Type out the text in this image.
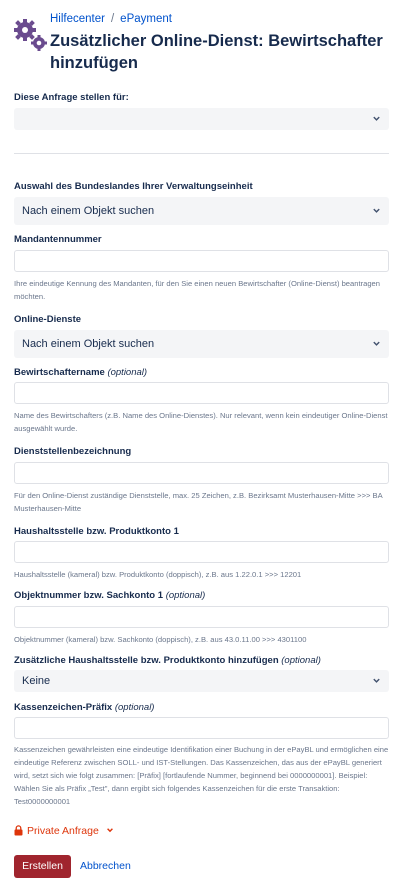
Hilfecenter / ePayment
Zusätzlicher Online-Dienst: Bewirtschafter hinzufügen
Diese Anfrage stellen für:
Auswahl des Bundeslandes Ihrer Verwaltungseinheit
Nach einem Objekt suchen
Mandantennummer
Ihre eindeutige Kennung des Mandanten, für den Sie einen neuen Bewirtschafter (Online-Dienst) beantragen möchten.
Online-Dienste
Nach einem Objekt suchen
Bewirtschaftername (optional)
Name des Bewirtschafters (z.B. Name des Online-Dienstes). Nur relevant, wenn kein eindeutiger Online-Dienst ausgewählt wurde.
Dienststellenbezeichnung
Für den Online-Dienst zuständige Dienststelle, max. 25 Zeichen, z.B. Bezirksamt Musterhausen-Mitte >>> BA Musterhausen-Mitte
Haushaltsstelle bzw. Produktkonto 1
Haushaltsstelle (kameral) bzw. Produktkonto (doppisch), z.B. aus 1.22.0.1 >>> 12201
Objektnummer bzw. Sachkonto 1 (optional)
Objektnummer (kameral) bzw. Sachkonto (doppisch), z.B. aus 43.0.11.00 >>> 4301100
Zusätzliche Haushaltsstelle bzw. Produktkonto hinzufügen (optional)
Keine
Kassenzeichen-Präfix (optional)
Kassenzeichen gewährleisten eine eindeutige Identifikation einer Buchung in der ePayBL und ermöglichen eine eindeutige Referenz zwischen SOLL- und IST-Stellungen. Das Kassenzeichen, das aus der ePayBL generiert wird, setzt sich wie folgt zusammen: [Präfix] [fortlaufende Nummer, beginnend bei 0000000001]. Beispiel: Wählen Sie als Präfix „Test", dann ergibt sich folgendes Kassenzeichen für die erste Transaktion: Test0000000001
Private Anfrage
Erstellen	Abbrechen
